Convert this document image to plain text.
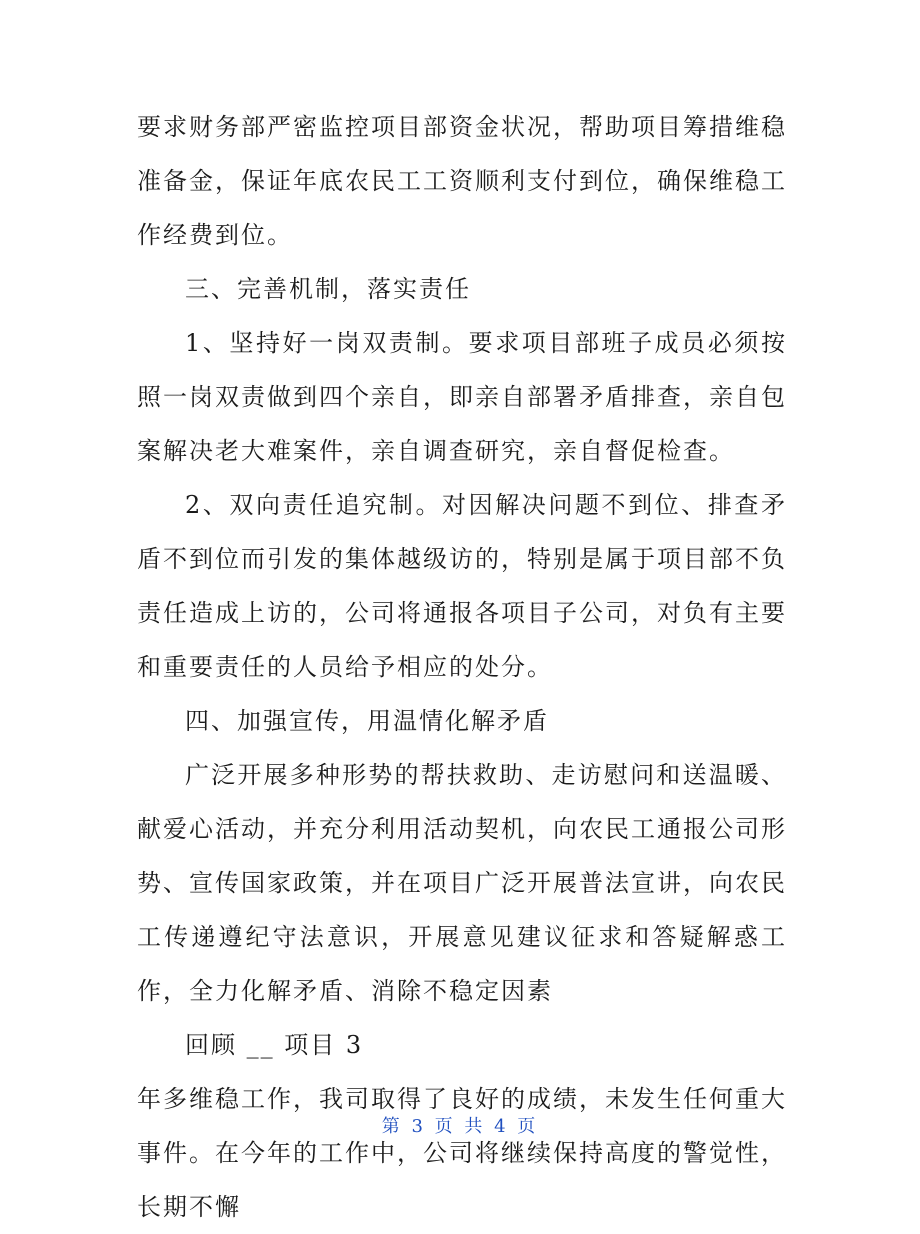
要求财务部严密监控项目部资金状况，帮助项目筹措维稳准备金，保证年底农民工工资顺利支付到位，确保维稳工作经费到位。

三、完善机制，落实责任

1、坚持好一岗双责制。要求项目部班子成员必须按照一岗双责做到四个亲自，即亲自部署矛盾排查，亲自包案解决老大难案件，亲自调查研究，亲自督促检查。

2、双向责任追究制。对因解决问题不到位、排查矛盾不到位而引发的集体越级访的，特别是属于项目部不负责任造成上访的，公司将通报各项目子公司，对负有主要和重要责任的人员给予相应的处分。

四、加强宣传，用温情化解矛盾

广泛开展多种形势的帮扶救助、走访慰问和送温暖、献爱心活动，并充分利用活动契机，向农民工通报公司形势、宣传国家政策，并在项目广泛开展普法宣讲，向农民工传递遵纪守法意识，开展意见建议征求和答疑解惑工作，全力化解矛盾、消除不稳定因素

回顾 __ 项目 3

年多维稳工作，我司取得了良好的成绩，未发生任何重大事件。在今年的工作中，公司将继续保持高度的警觉性，长期不懈

第 3 页 共 4 页
